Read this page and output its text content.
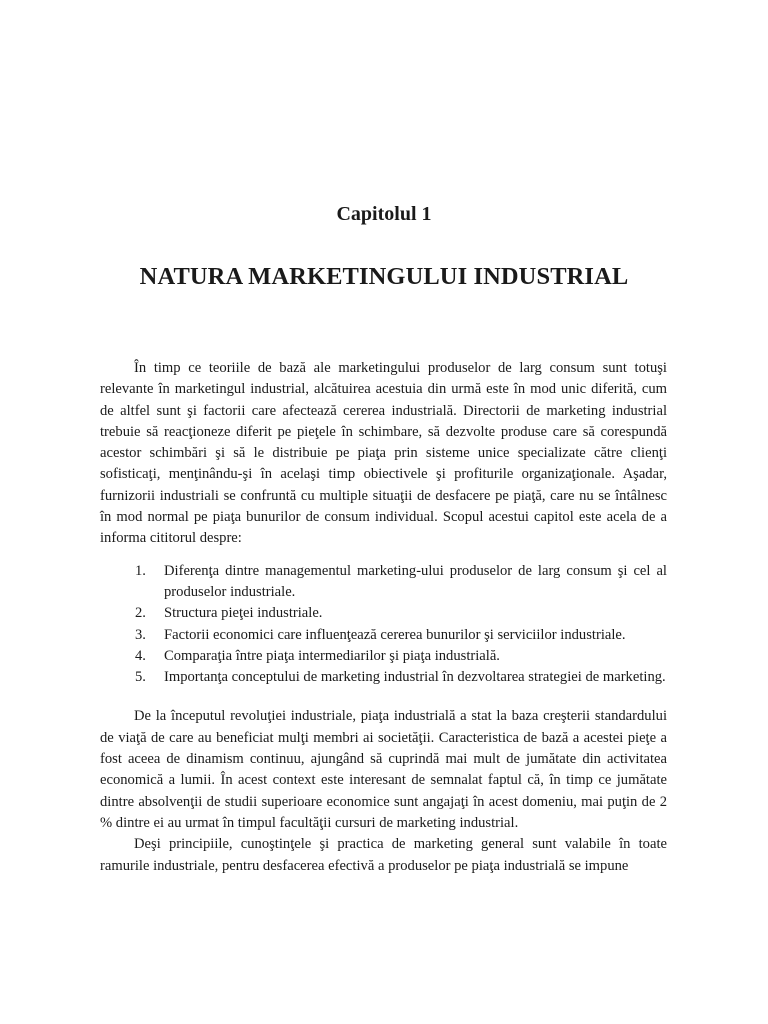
Capitolul 1
NATURA MARKETINGULUI INDUSTRIAL

În timp ce teoriile de bază ale marketingului produselor de larg consum sunt totuşi relevante în marketingul industrial, alcătuirea acestuia din urmă este în mod unic diferită, cum de altfel sunt şi factorii care afectează cererea industrială. Directorii de marketing industrial trebuie să reacţioneze diferit pe pieţele în schimbare, să dezvolte produse care să corespundă acestor schimbări şi să le distribuie pe piaţa prin sisteme unice specializate către clienţi sofisticaţi, menţinându-şi în acelaşi timp obiectivele şi profiturile organizaţionale. Aşadar, furnizorii industriali se confruntă cu multiple situaţii de desfacere pe piaţă, care nu se întâlnesc în mod normal pe piaţa bunurilor de consum individual. Scopul acestui capitol este acela de a informa cititorul despre:

1. Diferenţa dintre managementul marketing-ului produselor de larg consum şi cel al produselor industriale.
2. Structura pieţei industriale.
3. Factorii economici care influenţează cererea bunurilor şi serviciilor industriale.
4. Comparaţia între piaţa intermediarilor şi piaţa industrială.
5. Importanţa conceptului de marketing industrial în dezvoltarea strategiei de marketing.

De la începutul revoluţiei industriale, piaţa industrială a stat la baza creşterii standardului de viaţă de care au beneficiat mulţi membri ai societăţii. Caracteristica de bază a acestei pieţe a fost aceea de dinamism continuu, ajungând să cuprindă mai mult de jumătate din activitatea economică a lumii. În acest context este interesant de semnalat faptul că, în timp ce jumătate dintre absolvenţii de studii superioare economice sunt angajaţi în acest domeniu, mai puţin de 2 % dintre ei au urmat în timpul facultăţii cursuri de marketing industrial.

Deşi principiile, cunoştinţele şi practica de marketing general sunt valabile în toate ramurile industriale, pentru desfacerea efectivă a produselor pe piaţa industrială se impune
